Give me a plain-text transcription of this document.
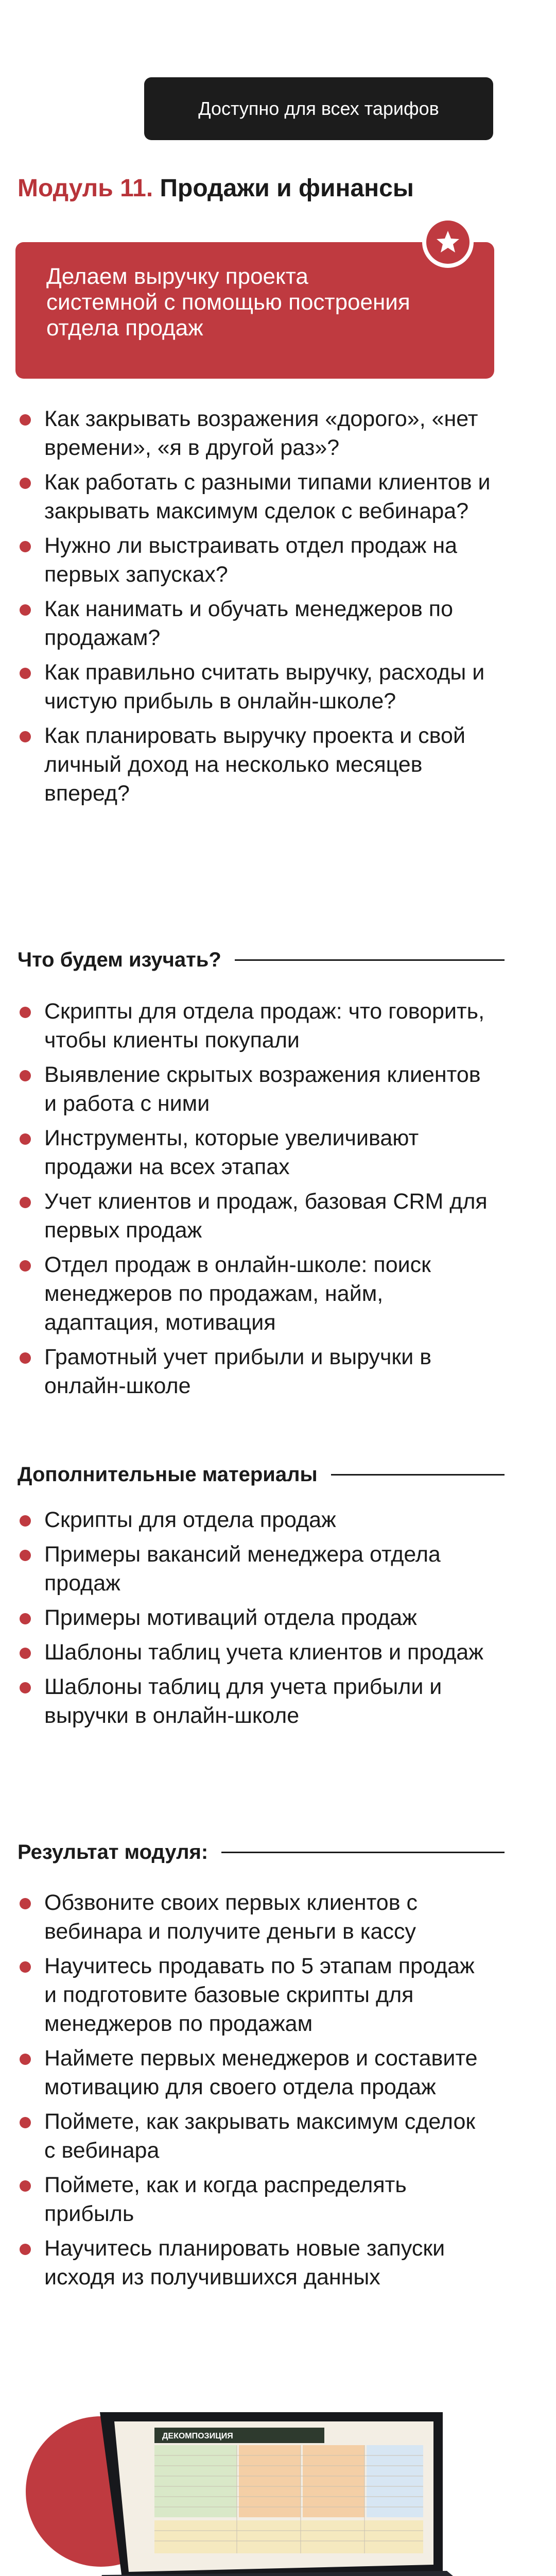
Доступно для всех тарифов
Модуль 11. Продажи и финансы
Делаем выручку проекта системной с помощью построения отдела продаж
Как закрывать возражения «дорого», «нет времени», «я в другой раз»?
Как работать с разными типами клиентов и закрывать максимум сделок с вебинара?
Нужно ли выстраивать отдел продаж на первых запусках?
Как нанимать и обучать менеджеров по продажам?
Как правильно считать выручку, расходы и чистую прибыль в онлайн-школе?
Как планировать выручку проекта и свой личный доход на несколько месяцев вперед?
Что будем изучать?
Скрипты для отдела продаж: что говорить, чтобы клиенты покупали
Выявление скрытых возражения клиентов и работа с ними
Инструменты, которые увеличивают продажи на всех этапах
Учет клиентов и продаж, базовая CRM для первых продаж
Отдел продаж в онлайн-школе: поиск менеджеров по продажам, найм, адаптация, мотивация
Грамотный учет прибыли и выручки в онлайн-школе
Дополнительные материалы
Скрипты для отдела продаж
Примеры вакансий менеджера отдела продаж
Примеры мотиваций отдела продаж
Шаблоны таблиц учета клиентов и продаж
Шаблоны таблиц для учета прибыли и выручки в онлайн-школе
Результат модуля:
Обзвоните своих первых клиентов с вебинара и получите деньги в кассу
Научитесь продавать по 5 этапам продаж и подготовите базовые скрипты для менеджеров по продажам
Наймете первых менеджеров и составите мотивацию для своего отдела продаж
Поймете, как закрывать максимум сделок с вебинара
Поймете, как и когда распределять прибыль
Научитесь планировать новые запуски исходя из получившихся данных
ДЕКОМПОЗИЦИЯ
